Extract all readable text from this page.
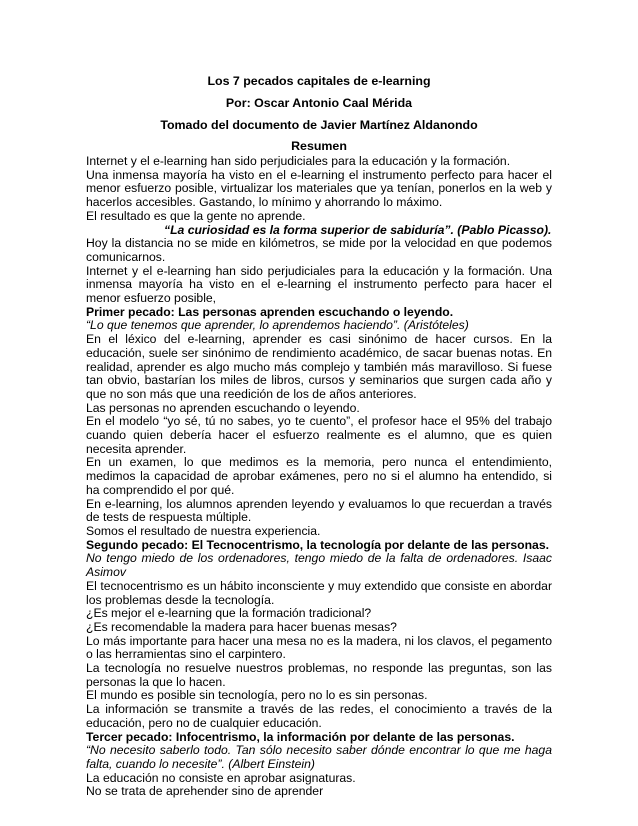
Los 7 pecados capitales de e-learning
Por: Oscar Antonio Caal Mérida
Tomado del documento de Javier Martínez Aldanondo
Resumen

Internet y el e-learning han sido perjudiciales para la educación y la formación.

Una inmensa mayoría ha visto en el e-learning el instrumento perfecto para hacer el menor esfuerzo posible, virtualizar los materiales que ya tenían, ponerlos en la web y hacerlos accesibles. Gastando, lo mínimo y ahorrando lo máximo.

El resultado es que la gente no aprende.

“La curiosidad es la forma superior de sabiduría”. (Pablo Picasso).

Hoy la distancia no se mide en kilómetros, se mide por la velocidad en que podemos comunicarnos.

Internet y el e-learning han sido perjudiciales para la educación y la formación. Una inmensa mayoría ha visto en el e-learning el instrumento perfecto para hacer el menor esfuerzo posible,

Primer pecado: Las personas aprenden escuchando o leyendo.

“Lo que tenemos que aprender, lo aprendemos haciendo”. (Aristóteles)

En el léxico del e-learning, aprender es casi sinónimo de hacer cursos. En la educación, suele ser sinónimo de rendimiento académico, de sacar buenas notas. En realidad, aprender es algo mucho más complejo y también más maravilloso. Si fuese tan obvio, bastarían los miles de libros, cursos y seminarios que surgen cada año y que no son más que una reedición de los de años anteriores.

Las personas no aprenden escuchando o leyendo.

En el modelo “yo sé, tú no sabes, yo te cuento”, el profesor hace el 95% del trabajo cuando quien debería hacer el esfuerzo realmente es el alumno, que es quien necesita aprender.

En un examen, lo que medimos es la memoria, pero nunca el entendimiento, medimos la capacidad de aprobar exámenes, pero no si el alumno ha entendido, si ha comprendido el por qué.

En e-learning, los alumnos aprenden leyendo y evaluamos lo que recuerdan a través de tests de respuesta múltiple.

Somos el resultado de nuestra experiencia.

Segundo pecado: El Tecnocentrismo, la tecnología por delante de las personas.

No tengo miedo de los ordenadores, tengo miedo de la falta de ordenadores. Isaac Asimov

El tecnocentrismo es un hábito inconsciente y muy extendido que consiste en abordar los problemas desde la tecnología.

¿Es mejor el e-learning que la formación tradicional?

¿Es recomendable la madera para hacer buenas mesas?

Lo más importante para hacer una mesa no es la madera, ni los clavos, el pegamento o las herramientas sino el carpintero.

La tecnología no resuelve nuestros problemas, no responde las preguntas, son las personas la que lo hacen.

El mundo es posible sin tecnología, pero no lo es sin personas.

La información se transmite a través de las redes, el conocimiento a través de la educación, pero no de cualquier educación.

Tercer pecado: Infocentrismo, la información por delante de las personas.

“No necesito saberlo todo. Tan sólo necesito saber dónde encontrar lo que me haga falta, cuando lo necesite”. (Albert Einstein)

La educación no consiste en aprobar asignaturas.

No se trata de aprehender sino de aprender
